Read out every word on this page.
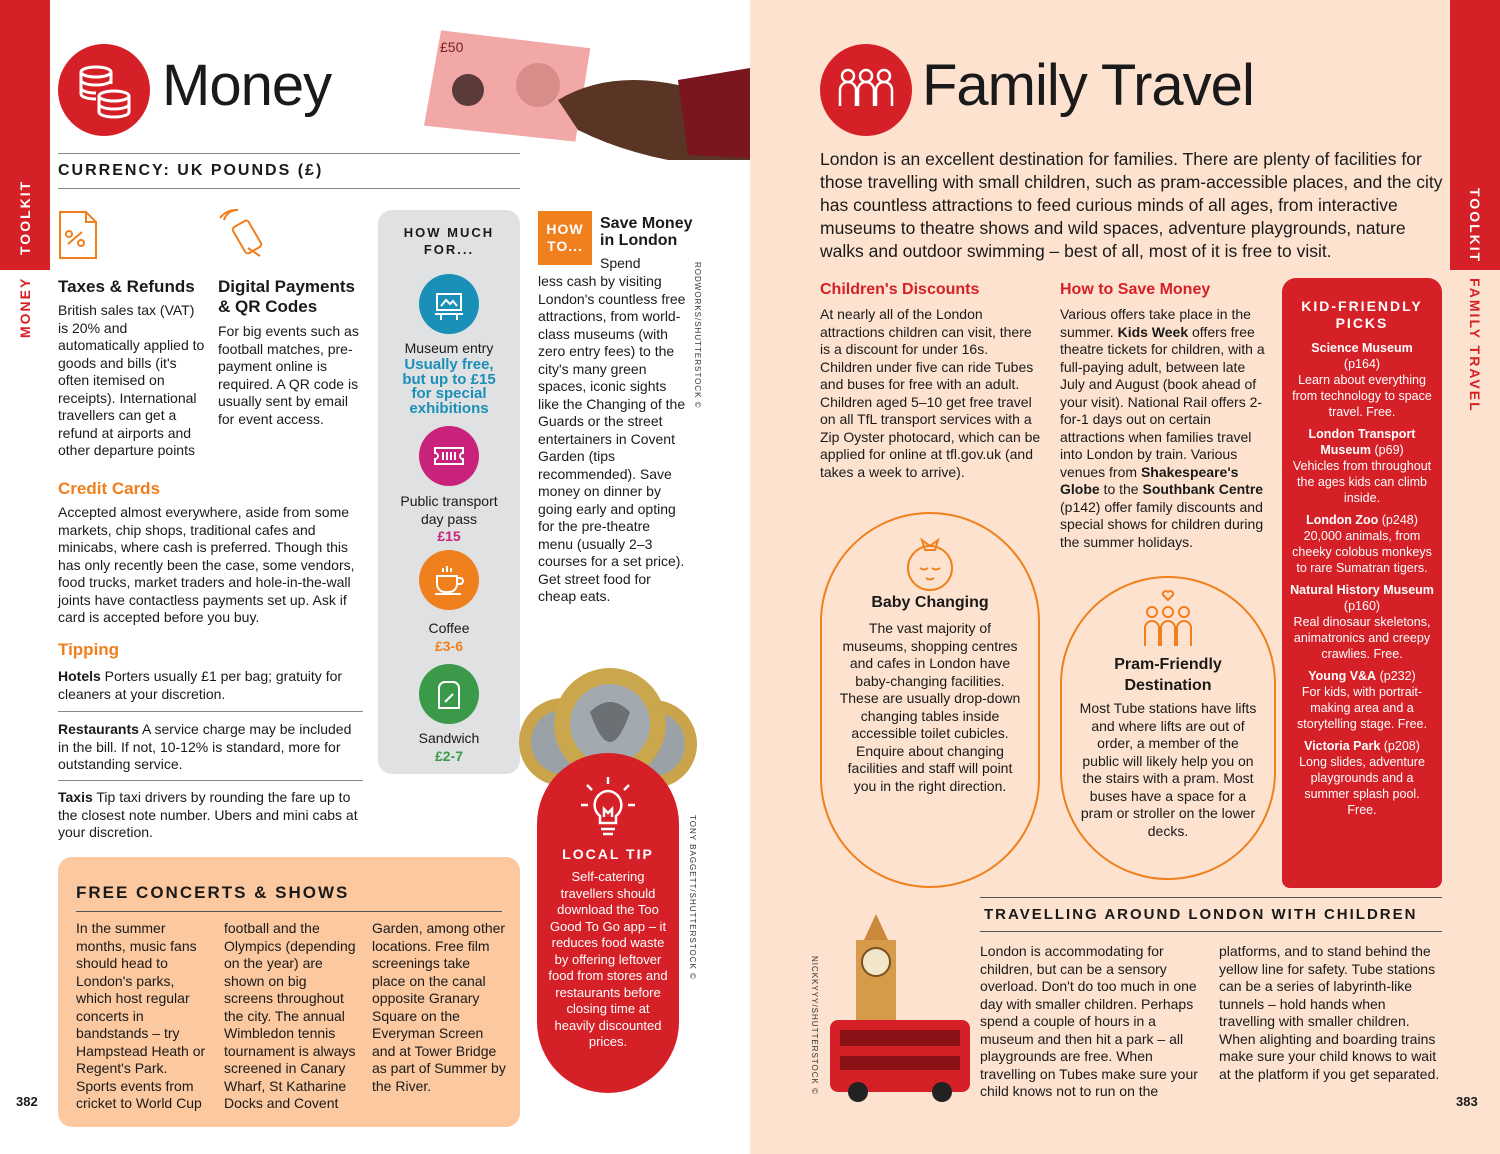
TOOLKIT
MONEY
Money
£50
CURRENCY: UK POUNDS (£)
Taxes & Refunds
British sales tax (VAT) is 20% and automatically applied to goods and bills (it's often itemised on receipts). International travellers can get a refund at airports and other departure points
Digital Payments & QR Codes
For big events such as football matches, pre-payment online is required. A QR code is usually sent by email for event access.
Credit Cards
Accepted almost everywhere, aside from some markets, chip shops, traditional cafes and minicabs, where cash is preferred. Though this has only recently been the case, some vendors, food trucks, market traders and hole-in-the-wall joints have contactless payments set up. Ask if card is accepted before you buy.
Tipping
Hotels Porters usually £1 per bag; gratuity for cleaners at your discretion.
Restaurants A service charge may be included in the bill. If not, 10-12% is standard, more for outstanding service.
Taxis Tip taxi drivers by rounding the fare up to the closest note number. Ubers and mini cabs at your discretion.
HOW MUCH FOR...
Museum entry
Usually free, but up to £15 for special exhibitions
Public transport day pass
£15
Coffee
£3-6
Sandwich
£2-7
HOW
TO...
Save Money in London
Spend
less cash by visiting London's countless free attractions, from world-class museums (with zero entry fees) to the city's many green spaces, iconic sights like the Changing of the Guards or the street entertainers in Covent Garden (tips recommended). Save money on dinner by going early and opting for the pre-theatre menu (usually 2–3 courses for a set price). Get street food for cheap eats.
RODWORKS/SHUTTERSTOCK ©
LOCAL TIP
Self-catering travellers should download the Too Good To Go app – it reduces food waste by offering leftover food from stores and restaurants before closing time at heavily discounted prices.
TONY BAGGETT/SHUTTERSTOCK ©
FREE CONCERTS & SHOWS
In the summer months, music fans should head to London's parks, which host regular concerts in bandstands – try Hampstead Heath or Regent's Park. Sports events from cricket to World Cup
football and the Olympics (depending on the year) are shown on big screens throughout the city. The annual Wimbledon tennis tournament is always screened in Canary Wharf, St Katharine Docks and Covent
Garden, among other locations. Free film screenings take place on the canal opposite Granary Square on the Everyman Screen and at Tower Bridge as part of Summer by the River.
382
TOOLKIT
FAMILY TRAVEL
Family Travel
London is an excellent destination for families. There are plenty of facilities for those travelling with small children, such as pram-accessible places, and the city has countless attractions to feed curious minds of all ages, from interactive museums to theatre shows and wild spaces, adventure playgrounds, nature walks and outdoor swimming – best of all, most of it is free to visit.
Children's Discounts
At nearly all of the London attractions children can visit, there is a discount for under 16s. Children under five can ride Tubes and buses for free with an adult. Children aged 5–10 get free travel on all TfL transport services with a Zip Oyster photocard, which can be applied for online at tfl.gov.uk (and takes a week to arrive).
How to Save Money
Various offers take place in the summer. Kids Week offers free theatre tickets for children, with a full-paying adult, between late July and August (book ahead of your visit). National Rail offers 2-for-1 days out on certain attractions when families travel into London by train. Various venues from Shakespeare's Globe to the Southbank Centre (p142) offer family discounts and special shows for children during the summer holidays.
Baby Changing
The vast majority of museums, shopping centres and cafes in London have baby-changing facilities. These are usually drop-down changing tables inside accessible toilet cubicles. Enquire about changing facilities and staff will point you in the right direction.
Pram-Friendly Destination
Most Tube stations have lifts and where lifts are out of order, a member of the public will likely help you on the stairs with a pram. Most buses have a space for a pram or stroller on the lower decks.
KID-FRIENDLY PICKS
Science Museum
(p164)
Learn about everything from technology to space travel. Free.
London Transport Museum (p69)
Vehicles from throughout the ages kids can climb inside.
London Zoo (p248)
20,000 animals, from cheeky colobus monkeys to rare Sumatran tigers.
Natural History Museum (p160)
Real dinosaur skeletons, animatronics and creepy crawlies. Free.
Young V&A (p232)
For kids, with portrait-making area and a storytelling stage. Free.
Victoria Park (p208)
Long slides, adventure playgrounds and a summer splash pool. Free.
TRAVELLING AROUND LONDON WITH CHILDREN
London is accommodating for children, but can be a sensory overload. Don't do too much in one day with smaller children. Perhaps spend a couple of hours in a museum and then hit a park – all playgrounds are free. When travelling on Tubes make sure your child knows not to run on the
platforms, and to stand behind the yellow line for safety. Tube stations can be a series of labyrinth-like tunnels – hold hands when travelling with smaller children. When alighting and boarding trains make sure your child knows to wait at the platform if you get separated.
NICKKYYY/SHUTTERSTOCK ©
383
